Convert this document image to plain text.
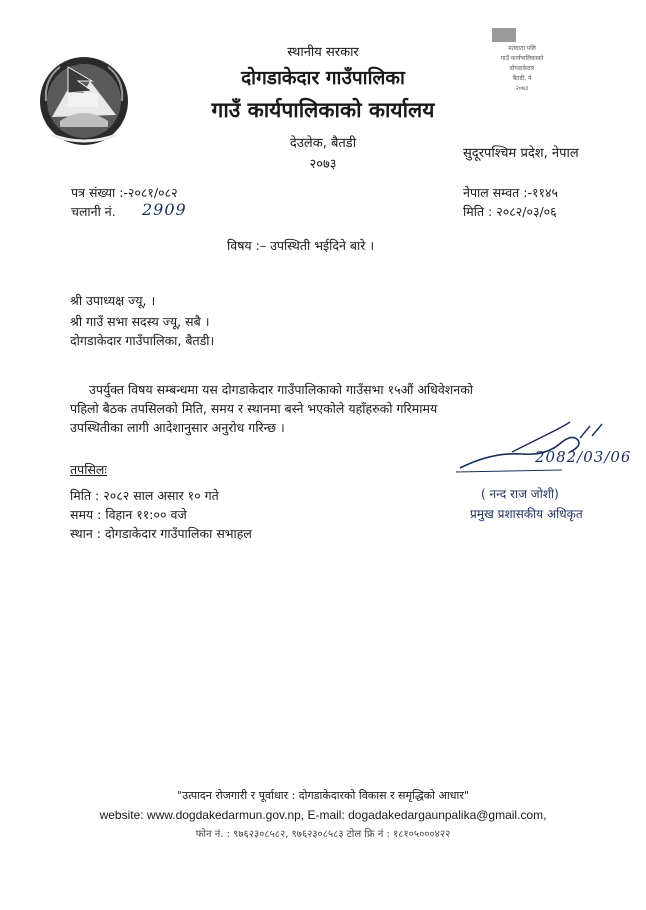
मतदाता पलि
गाउँ कार्यपालिकाको
दोगडाकेदार
बैतडी, ने
२०७३
स्थानीय सरकार
दोगडाकेदार गाउँपालिका
गाउँ कार्यपालिकाको कार्यालय
देउलेक, बैतडी
२०७३
सुदूरपश्चिम प्रदेश, नेपाल
पत्र संख्या :-२०८१/०८२
चलानी नं. 2909
नेपाल सम्वत :-११४५
मिति : २०८२/०३/०६
विषय :– उपस्थिती भईदिने बारे ।
श्री उपाध्यक्ष ज्यू, ।
श्री गाउँ सभा सदस्य ज्यू, सबै ।
दोगडाकेदार गाउँपालिका, बैतडी।
उपर्युक्त विषय सम्बन्धमा यस दोगडाकेदार गाउँपालिकाको गाउँसभा १५औं अधिवेशनको
पहिलो बैठक तपसिलको मिति, समय र स्थानमा बस्ने भएकोले यहाँहरुको गरिमामय
उपस्थितीका लागी आदेशानुसार अनुरोध गरिन्छ ।
तपसिलः
मिति : २०८२ साल असार १० गते
समय : विहान ११:०० वजे
स्थान : दोगडाकेदार गाउँपालिका सभाहल
2082/03/06
( नन्द राज जोशी)
प्रमुख प्रशासकीय अधिकृत
"उत्पादन रोजगारी र पूर्वाधार : दोगडाकेदारको विकास र समृद्धिको आधार"
website: www.dogdakedarmun.gov.np, E-mail: dogadakedargaunpalika@gmail.com,
फोन नं. : ९७६२३०८५८२, ९७६२३०८५८३ टोल फ्रि नं : १८१०५०००४२२
